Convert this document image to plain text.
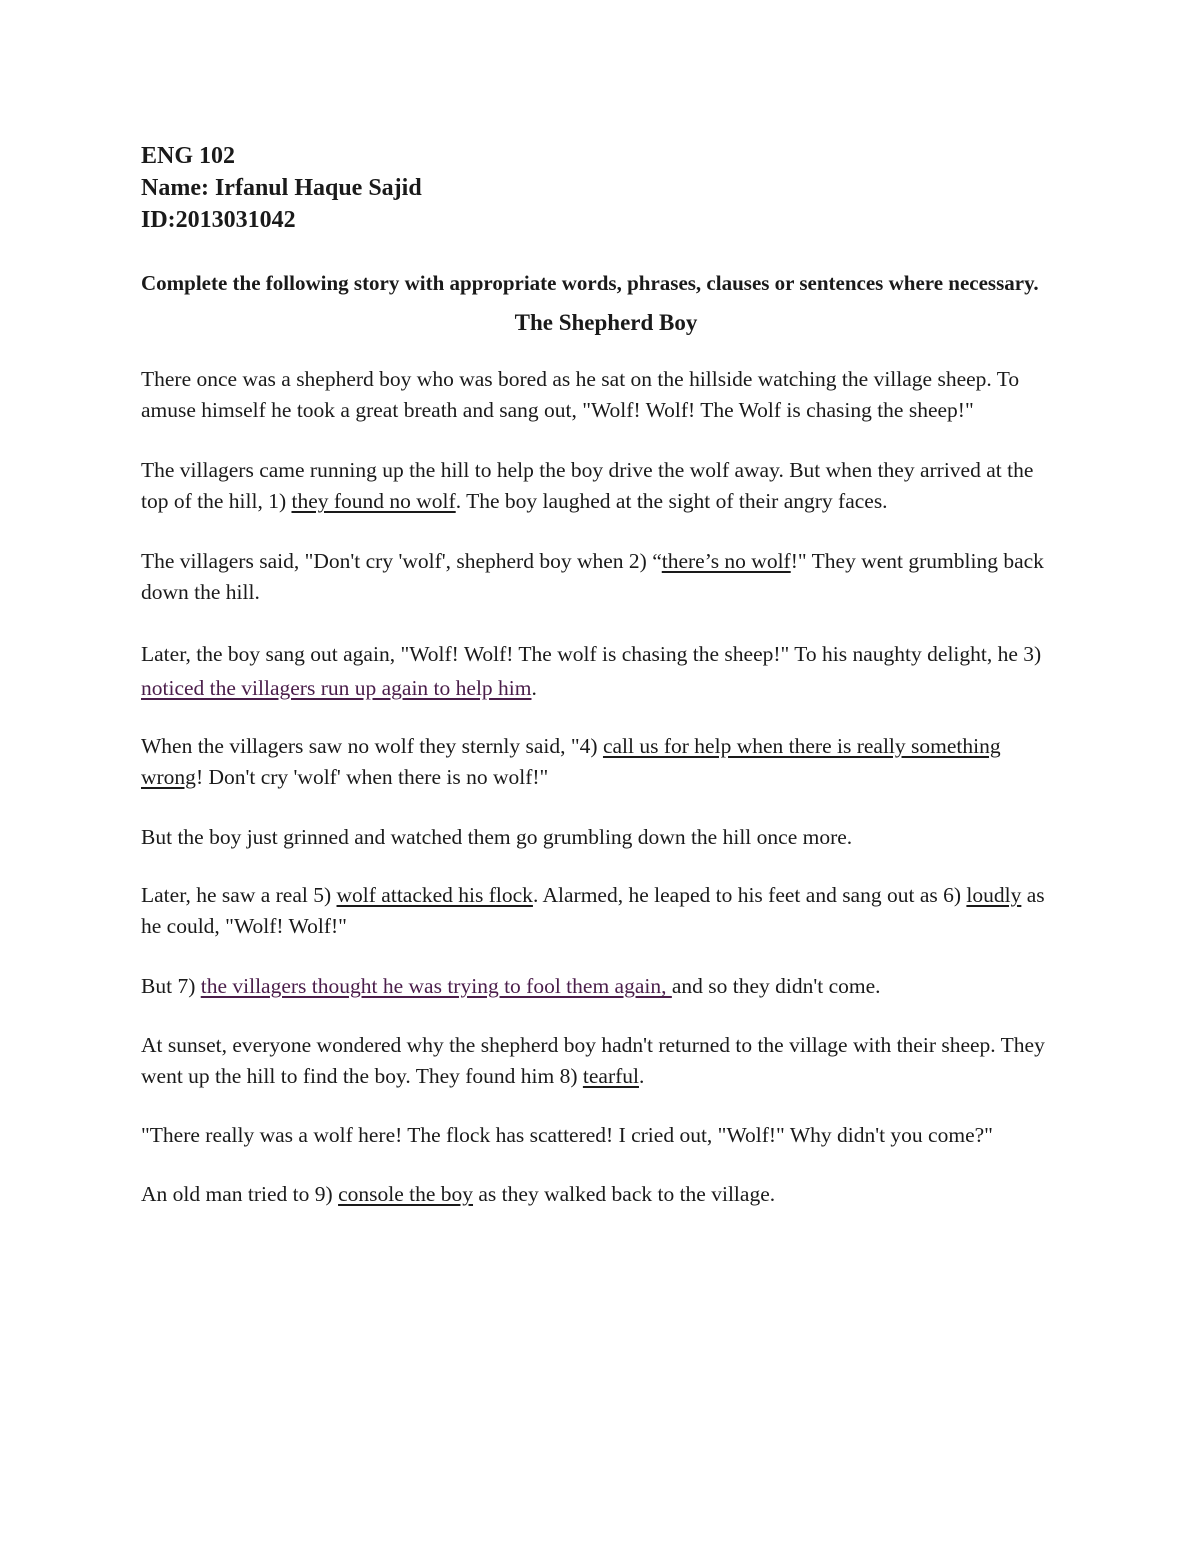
ENG 102

Name: Irfanul Haque Sajid

ID:2013031042

Complete the following story with appropriate words, phrases, clauses or sentences where necessary.

The Shepherd Boy

There once was a shepherd boy who was bored as he sat on the hillside watching the village sheep. To amuse himself he took a great breath and sang out, "Wolf! Wolf! The Wolf is chasing the sheep!"

The villagers came running up the hill to help the boy drive the wolf away. But when they arrived at the top of the hill, 1) they found no wolf. The boy laughed at the sight of their angry faces.

The villagers said, "Don't cry 'wolf', shepherd boy when 2) “there’s no wolf!" They went grumbling back down the hill.

Later, the boy sang out again, "Wolf! Wolf! The wolf is chasing the sheep!" To his naughty delight, he 3) noticed the villagers run up again to help him.

When the villagers saw no wolf they sternly said, "4) call us for help when there is really something wrong! Don't cry 'wolf' when there is no wolf!"

But the boy just grinned and watched them go grumbling down the hill once more.

Later, he saw a real 5) wolf attacked his flock. Alarmed, he leaped to his feet and sang out as 6) loudly as he could, "Wolf! Wolf!"

But 7) the villagers thought he was trying to fool them again, and so they didn't come.

At sunset, everyone wondered why the shepherd boy hadn't returned to the village with their sheep. They went up the hill to find the boy. They found him 8) tearful.

"There really was a wolf here! The flock has scattered! I cried out, "Wolf!" Why didn't you come?"

An old man tried to 9) console the boy as they walked back to the village.
